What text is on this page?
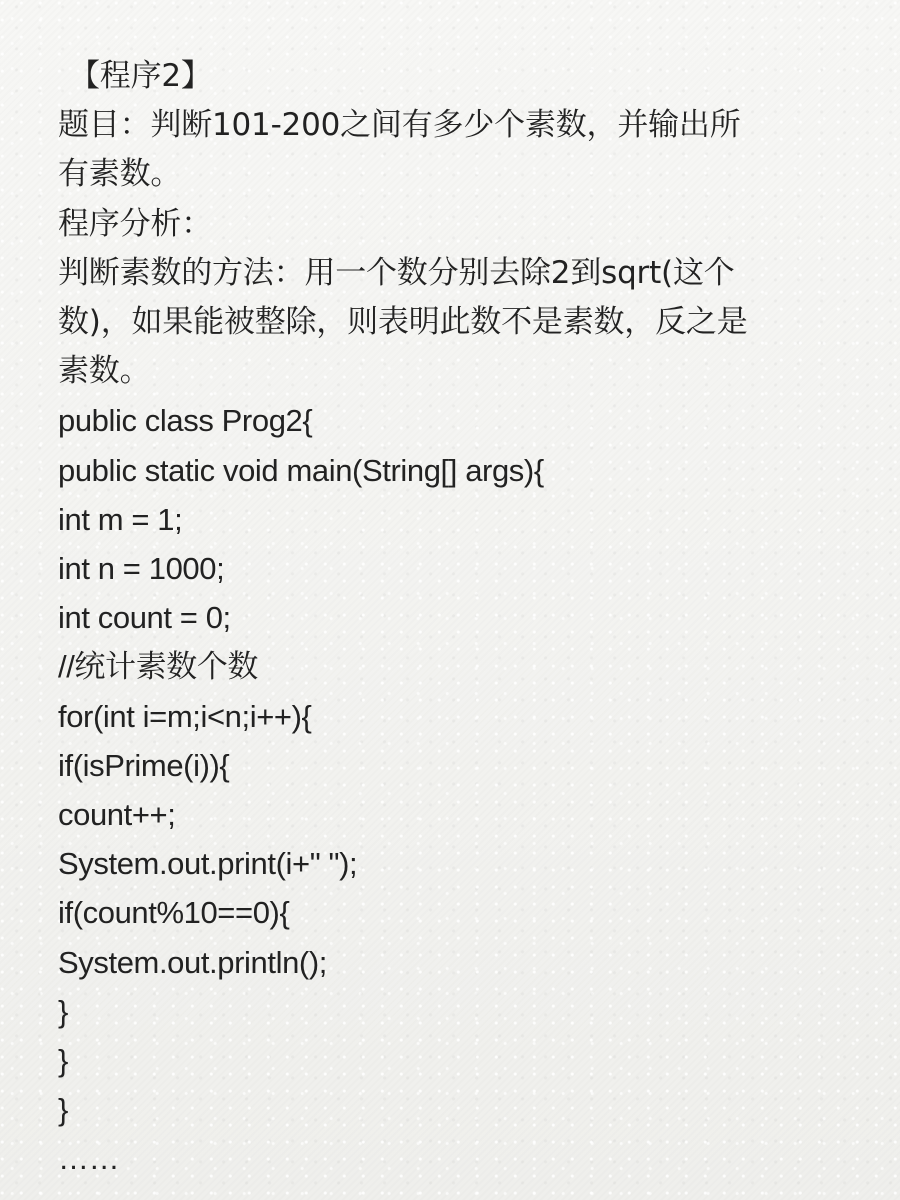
【程序2】
题目：判断101-200之间有多少个素数，并输出所
有素数。
程序分析：
判断素数的方法：用一个数分别去除2到sqrt(这个
数)，如果能被整除，则表明此数不是素数，反之是
素数。
public class Prog2{
public static void main(String[] args){
int m = 1;
int n = 1000;
int count = 0;
//统计素数个数
for(int i=m;i<n;i++){
if(isPrime(i)){
count++;
System.out.print(i+" ");
if(count%10==0){
System.out.println();
}
}
}
……
